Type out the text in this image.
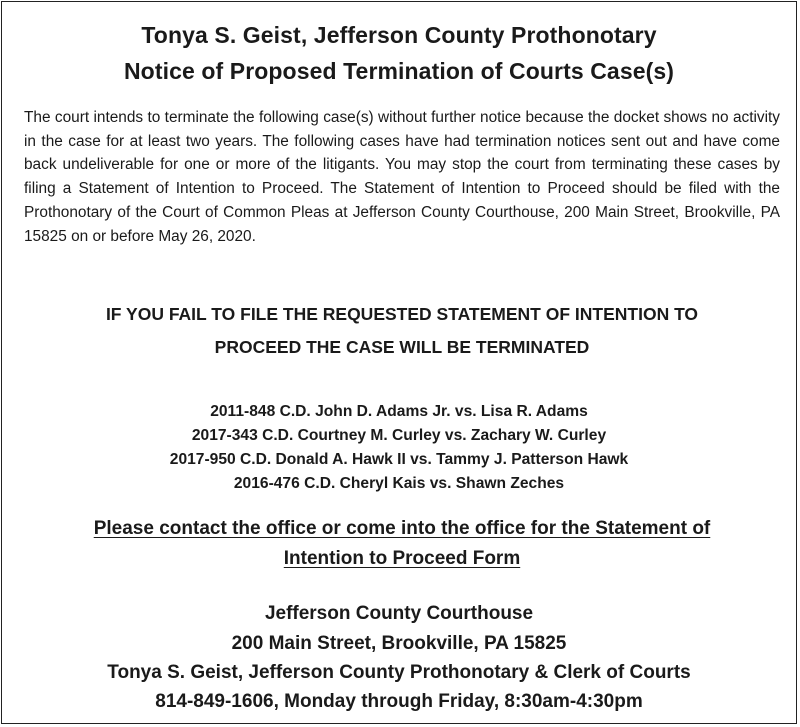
Tonya S. Geist, Jefferson County Prothonotary
Notice of Proposed Termination of Courts Case(s)

The court intends to terminate the following case(s) without further notice because the docket shows no activity in the case for at least two years. The following cases have had termination notices sent out and have come back undeliverable for one or more of the litigants. You may stop the court from terminating these cases by filing a Statement of Intention to Proceed. The Statement of Intention to Proceed should be filed with the Prothonotary of the Court of Common Pleas at Jefferson County Courthouse, 200 Main Street, Brookville, PA 15825 on or before May 26, 2020.

IF YOU FAIL TO FILE THE REQUESTED STATEMENT OF INTENTION TO
PROCEED THE CASE WILL BE TERMINATED
2011-848 C.D. John D. Adams Jr. vs. Lisa R. Adams
2017-343 C.D. Courtney M. Curley vs. Zachary W. Curley
2017-950 C.D. Donald A. Hawk II vs. Tammy J. Patterson Hawk
2016-476 C.D. Cheryl Kais vs. Shawn Zeches
Please contact the office or come into the office for the Statement of
Intention to Proceed Form
Jefferson County Courthouse
200 Main Street, Brookville, PA 15825
Tonya S. Geist, Jefferson County Prothonotary & Clerk of Courts
814-849-1606, Monday through Friday, 8:30am-4:30pm
